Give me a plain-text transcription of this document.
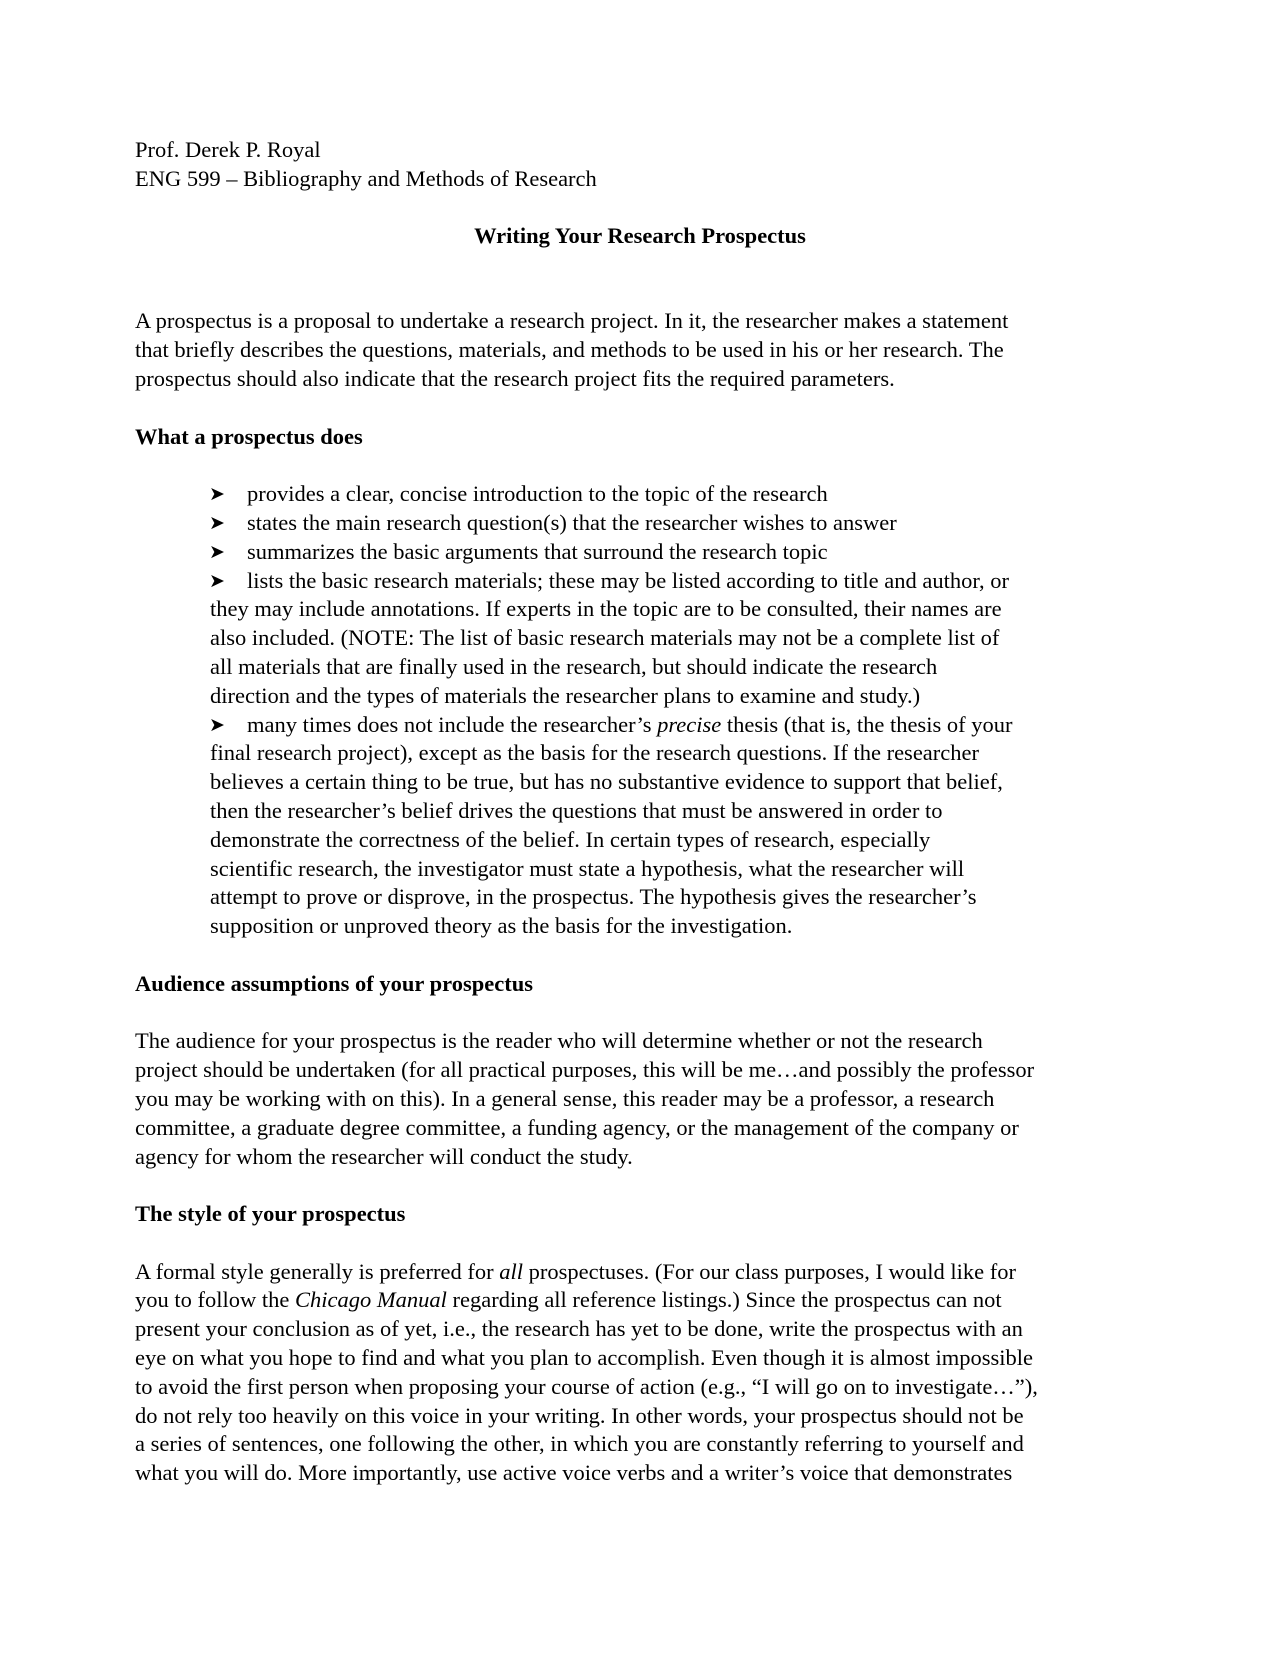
Prof. Derek P. Royal
ENG 599 – Bibliography and Methods of Research
Writing Your Research Prospectus
A prospectus is a proposal to undertake a research project. In it, the researcher makes a statement
that briefly describes the questions, materials, and methods to be used in his or her research. The
prospectus should also indicate that the research project fits the required parameters.
What a prospectus does
➤ provides a clear, concise introduction to the topic of the research
➤ states the main research question(s) that the researcher wishes to answer
➤ summarizes the basic arguments that surround the research topic
➤ lists the basic research materials; these may be listed according to title and author, or
they may include annotations. If experts in the topic are to be consulted, their names are
also included. (NOTE: The list of basic research materials may not be a complete list of
all materials that are finally used in the research, but should indicate the research
direction and the types of materials the researcher plans to examine and study.)
➤ many times does not include the researcher’s precise thesis (that is, the thesis of your
final research project), except as the basis for the research questions. If the researcher
believes a certain thing to be true, but has no substantive evidence to support that belief,
then the researcher’s belief drives the questions that must be answered in order to
demonstrate the correctness of the belief. In certain types of research, especially
scientific research, the investigator must state a hypothesis, what the researcher will
attempt to prove or disprove, in the prospectus. The hypothesis gives the researcher’s
supposition or unproved theory as the basis for the investigation.
Audience assumptions of your prospectus
The audience for your prospectus is the reader who will determine whether or not the research
project should be undertaken (for all practical purposes, this will be me…and possibly the professor
you may be working with on this). In a general sense, this reader may be a professor, a research
committee, a graduate degree committee, a funding agency, or the management of the company or
agency for whom the researcher will conduct the study.
The style of your prospectus
A formal style generally is preferred for all prospectuses. (For our class purposes, I would like for
you to follow the Chicago Manual regarding all reference listings.) Since the prospectus can not
present your conclusion as of yet, i.e., the research has yet to be done, write the prospectus with an
eye on what you hope to find and what you plan to accomplish. Even though it is almost impossible
to avoid the first person when proposing your course of action (e.g., “I will go on to investigate…”),
do not rely too heavily on this voice in your writing. In other words, your prospectus should not be
a series of sentences, one following the other, in which you are constantly referring to yourself and
what you will do. More importantly, use active voice verbs and a writer’s voice that demonstrates
